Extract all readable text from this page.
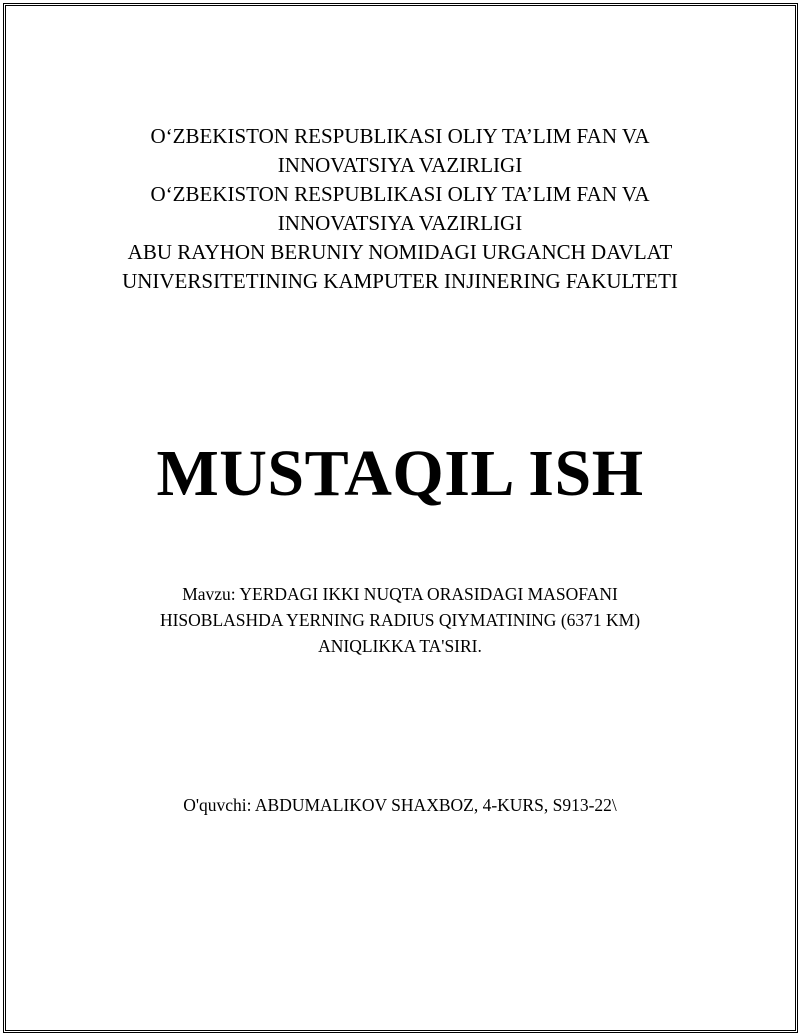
O‘ZBEKISTON RESPUBLIKASI OLIY TA’LIM FAN VA
INNOVATSIYA VAZIRLIGI
O‘ZBEKISTON RESPUBLIKASI OLIY TA’LIM FAN VA
INNOVATSIYA VAZIRLIGI
ABU RAYHON BERUNIY NOMIDAGI URGANCH DAVLAT
UNIVERSITETINING KAMPUTER INJINERING FAKULTETI
MUSTAQIL ISH
Mavzu: YERDAGI IKKI NUQTA ORASIDAGI MASOFANI
HISOBLASHDA YERNING RADIUS QIYMATINING (6371 KM)
ANIQLIKKA TA'SIRI.
O'quvchi: ABDUMALIKOV SHAXBOZ, 4-KURS, S913-22\
